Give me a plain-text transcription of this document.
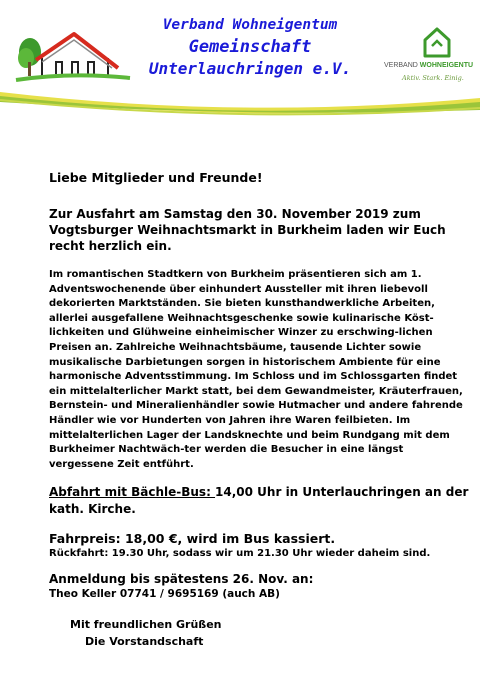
Verband Wohneigentum
Gemeinschaft
Unterlauchringen e.V.	VERBAND WOHNEIGENTU
Aktiv. Stark. Einig.

Liebe Mitglieder und Freunde!

Zur Ausfahrt am Samstag den 30. November 2019 zum Vogtsburger Weihnachtsmarkt in Burkheim laden wir Euch recht herzlich ein.

Im romantischen Stadtkern von Burkheim präsentieren sich am 1. Adventswochenende über einhundert Aussteller mit ihren liebevoll dekorierten Marktständen. Sie bieten kunsthandwerkliche Arbeiten, allerlei ausgefallene Weihnachtsgeschenke sowie kulinarische Köst-lichkeiten und Glühweine einheimischer Winzer zu erschwing-lichen Preisen an. Zahlreiche Weihnachtsbäume, tausende Lichter sowie musikalische Darbietungen sorgen in historischem Ambiente für eine harmonische Adventsstimmung. Im Schloss und im Schlossgarten findet ein mittelalterlicher Markt statt, bei dem Gewandmeister, Kräuterfrauen, Bernstein- und Mineralienhändler sowie Hutmacher und andere fahrende Händler wie vor Hunderten von Jahren ihre Waren feilbieten. Im mittelalterlichen Lager der Landsknechte und beim Rundgang mit dem Burkheimer Nachtwäch-ter werden die Besucher in eine längst vergessene Zeit entführt.

Abfahrt mit Bächle-Bus: 14,00 Uhr in Unterlauchringen an der kath. Kirche.

Fahrpreis: 18,00 €, wird im Bus kassiert.

Rückfahrt: 19.30 Uhr, sodass wir um 21.30 Uhr wieder daheim sind.

Anmeldung bis spätestens 26. Nov. an:

Theo Keller 07741 / 9695169 (auch AB)

Mit freundlichen Grüßen

Die Vorstandschaft
